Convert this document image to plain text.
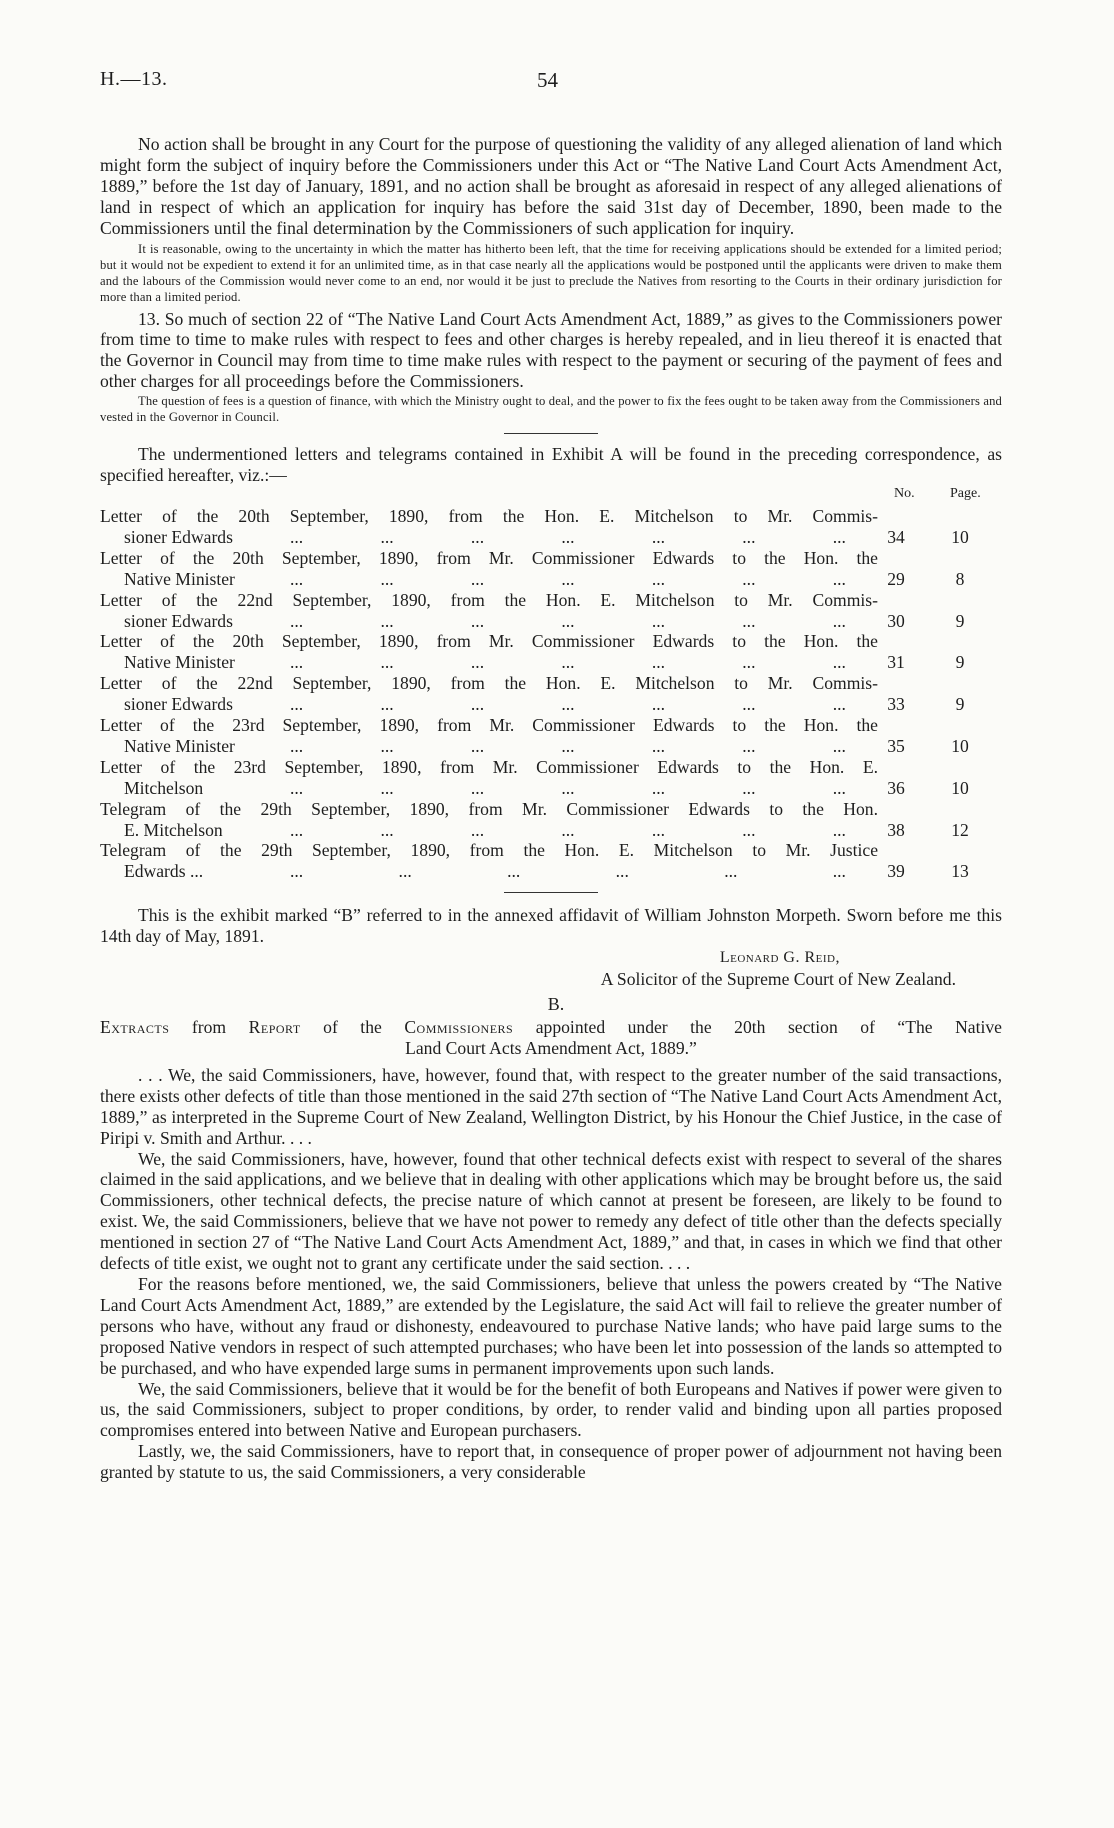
H.—13.	54

No action shall be brought in any Court for the purpose of questioning the validity of any alleged alienation of land which might form the subject of inquiry before the Commissioners under this Act or “The Native Land Court Acts Amendment Act, 1889,” before the 1st day of January, 1891, and no action shall be brought as aforesaid in respect of any alleged alienations of land in respect of which an application for inquiry has before the said 31st day of December, 1890, been made to the Commissioners until the final determination by the Commissioners of such application for inquiry.

It is reasonable, owing to the uncertainty in which the matter has hitherto been left, that the time for receiving applications should be extended for a limited period; but it would not be expedient to extend it for an unlimited time, as in that case nearly all the applications would be postponed until the applicants were driven to make them and the labours of the Commission would never come to an end, nor would it be just to preclude the Natives from resorting to the Courts in their ordinary jurisdiction for more than a limited period.

13. So much of section 22 of “The Native Land Court Acts Amendment Act, 1889,” as gives to the Commissioners power from time to time to make rules with respect to fees and other charges is hereby repealed, and in lieu thereof it is enacted that the Governor in Council may from time to time make rules with respect to the payment or securing of the payment of fees and other charges for all proceedings before the Commissioners.

The question of fees is a question of finance, with which the Ministry ought to deal, and the power to fix the fees ought to be taken away from the Commissioners and vested in the Governor in Council.

The undermentioned letters and telegrams contained in Exhibit A will be found in the preceding correspondence, as specified hereafter, viz.:—

No.	Page.
Letter of the 20th September, 1890, from the Hon. E. Mitchelson to Mr. Commis-
sioner Edwards	...	...	...	...	...	...	...	34	10
Letter of the 20th September, 1890, from Mr. Commissioner Edwards to the Hon. the
Native Minister	...	...	...	...	...	...	...	29	8
Letter of the 22nd September, 1890, from the Hon. E. Mitchelson to Mr. Commis-
sioner Edwards	...	...	...	...	...	...	...	30	9
Letter of the 20th September, 1890, from Mr. Commissioner Edwards to the Hon. the
Native Minister	...	...	...	...	...	...	...	31	9
Letter of the 22nd September, 1890, from the Hon. E. Mitchelson to Mr. Commis-
sioner Edwards	...	...	...	...	...	...	...	33	9
Letter of the 23rd September, 1890, from Mr. Commissioner Edwards to the Hon. the
Native Minister	...	...	...	...	...	...	...	35	10
Letter of the 23rd September, 1890, from Mr. Commissioner Edwards to the Hon. E.
Mitchelson	...	...	...	...	...	...	...	36	10
Telegram of the 29th September, 1890, from Mr. Commissioner Edwards to the Hon.
E. Mitchelson	...	...	...	...	...	...	...	38	12
Telegram of the 29th September, 1890, from the Hon. E. Mitchelson to Mr. Justice
Edwards ...	...	...	...	...	...	...	39	13

This is the exhibit marked “B” referred to in the annexed affidavit of William Johnston Morpeth. Sworn before me this 14th day of May, 1891.

Leonard G. Reid,
A Solicitor of the Supreme Court of New Zealand.
B.
Extracts from Report of the Commissioners appointed under the 20th section of “The Native
Land Court Acts Amendment Act, 1889.”

. . . We, the said Commissioners, have, however, found that, with respect to the greater number of the said transactions, there exists other defects of title than those mentioned in the said 27th section of “The Native Land Court Acts Amendment Act, 1889,” as interpreted in the Supreme Court of New Zealand, Wellington District, by his Honour the Chief Justice, in the case of Piripi v. Smith and Arthur. . . .

We, the said Commissioners, have, however, found that other technical defects exist with respect to several of the shares claimed in the said applications, and we believe that in dealing with other applications which may be brought before us, the said Commissioners, other technical defects, the precise nature of which cannot at present be foreseen, are likely to be found to exist. We, the said Commissioners, believe that we have not power to remedy any defect of title other than the defects specially mentioned in section 27 of “The Native Land Court Acts Amendment Act, 1889,” and that, in cases in which we find that other defects of title exist, we ought not to grant any certificate under the said section. . . .

For the reasons before mentioned, we, the said Commissioners, believe that unless the powers created by “The Native Land Court Acts Amendment Act, 1889,” are extended by the Legislature, the said Act will fail to relieve the greater number of persons who have, without any fraud or dishonesty, endeavoured to purchase Native lands; who have paid large sums to the proposed Native vendors in respect of such attempted purchases; who have been let into possession of the lands so attempted to be purchased, and who have expended large sums in permanent improvements upon such lands.

We, the said Commissioners, believe that it would be for the benefit of both Europeans and Natives if power were given to us, the said Commissioners, subject to proper conditions, by order, to render valid and binding upon all parties proposed compromises entered into between Native and European purchasers.

Lastly, we, the said Commissioners, have to report that, in consequence of proper power of adjournment not having been granted by statute to us, the said Commissioners, a very considerable
